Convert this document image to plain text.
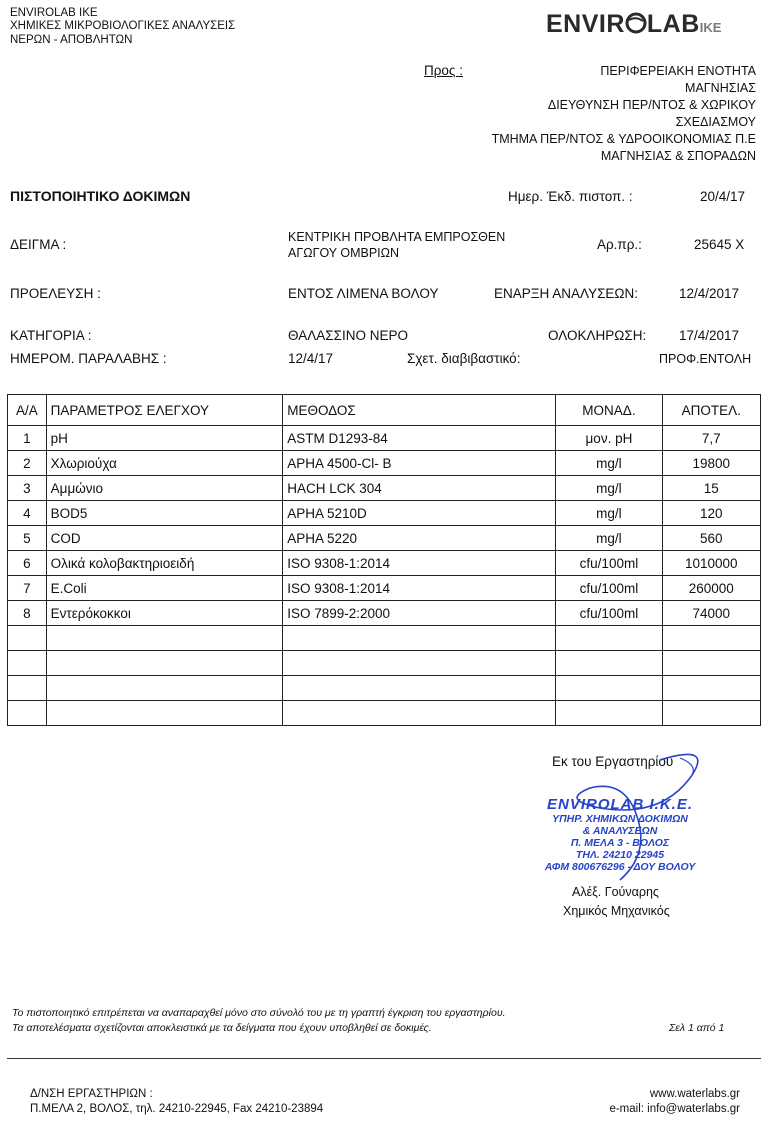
ENVIROLAB IKE
ΧΗΜΙΚΕΣ ΜΙΚΡΟΒΙΟΛΟΓΙΚΕΣ ΑΝΑΛΥΣΕΙΣ
ΝΕΡΩΝ - ΑΠΟΒΛΗΤΩΝ
ENVIR LABIKE
Προς :	ΠΕΡΙΦΕΡΕΙΑΚΗ ΕΝΟΤΗΤΑ
ΜΑΓΝΗΣΙΑΣ
ΔΙΕΥΘΥΝΣΗ ΠΕΡ/ΝΤΟΣ & ΧΩΡΙΚΟΥ
ΣΧΕΔΙΑΣΜΟΥ
ΤΜΗΜΑ ΠΕΡ/ΝΤΟΣ & ΥΔΡΟΟΙΚΟΝΟΜΙΑΣ Π.Ε
ΜΑΓΝΗΣΙΑΣ & ΣΠΟΡΑΔΩΝ
ΠΙΣΤΟΠΟΙΗΤΙΚΟ ΔΟΚΙΜΩΝ	Ημερ. Έκδ. πιστοπ. :	20/4/17
ΔΕΙΓΜΑ :	ΚΕΝΤΡΙΚΗ ΠΡΟΒΛΗΤΑ ΕΜΠΡΟΣΘΕΝ
ΑΓΩΓΟΥ ΟΜΒΡΙΩΝ
Αρ.πρ.:	25645 Χ
ΠΡΟΕΛΕΥΣΗ :	ΕΝΤΟΣ ΛΙΜΕΝΑ ΒΟΛΟΥ	ΕΝΑΡΞΗ ΑΝΑΛΥΣΕΩΝ:	12/4/2017
ΚΑΤΗΓΟΡΙΑ :	ΘΑΛΑΣΣΙΝΟ ΝΕΡΟ	ΟΛΟΚΛΗΡΩΣΗ: 17/4/2017
ΗΜΕΡΟΜ. ΠΑΡΑΛΑΒΗΣ :	12/4/17	Σχετ. διαβιβαστικό:	ΠΡΟΦ.ΕΝΤΟΛΗ
Α/Α	ΠΑΡΑΜΕΤΡΟΣ ΕΛΕΓΧΟΥ	ΜΕΘΟΔΟΣ	ΜΟΝΑΔ.	ΑΠΟΤΕΛ.
1	pH	ASTM D1293-84	μον. pH	7,7
2	Χλωριούχα	APHA 4500-Cl- B	mg/l	19800
3	Αμμώνιο	HACH LCK 304	mg/l	15
4	BOD5	APHA 5210D	mg/l	120
5	COD	APHA 5220	mg/l	560
6	Ολικά κολοβακτηριοειδή	ISO 9308-1:2014	cfu/100ml	1010000
7	E.Coli	ISO 9308-1:2014	cfu/100ml	260000
8	Εντερόκοκκοι	ISO 7899-2:2000	cfu/100ml	74000

Εκ του Εργαστηρίου
ENVIROLAB I.K.E.
ΥΠΗΡ. ΧΗΜΙΚΩΝ ΔΟΚΙΜΩΝ
& ΑΝΑΛΥΣΕΩΝ
Π. ΜΕΛΑ 3 - ΒΟΛΟΣ
ΤΗΛ. 24210 22945
ΑΦΜ 800676296 - ΔΟΥ ΒΟΛΟΥ
Αλέξ. Γούναρης
Χημικός Μηχανικός
Το πιστοποιητικό επιτρέπεται να αναπαραχθεί μόνο στο σύνολό του με τη γραπτή έγκριση του εργαστηρίου.
Τα αποτελέσματα σχετίζονται αποκλειστικά με τα δείγματα που έχουν υποβληθεί σε δοκιμές.	Σελ 1 από 1
Δ/ΝΣΗ ΕΡΓΑΣΤΗΡΙΩΝ :
Π.ΜΕΛΑ 2, ΒΟΛΟΣ, τηλ. 24210-22945, Fax 24210-23894
www.waterlabs.gr
e-mail: info@waterlabs.gr
